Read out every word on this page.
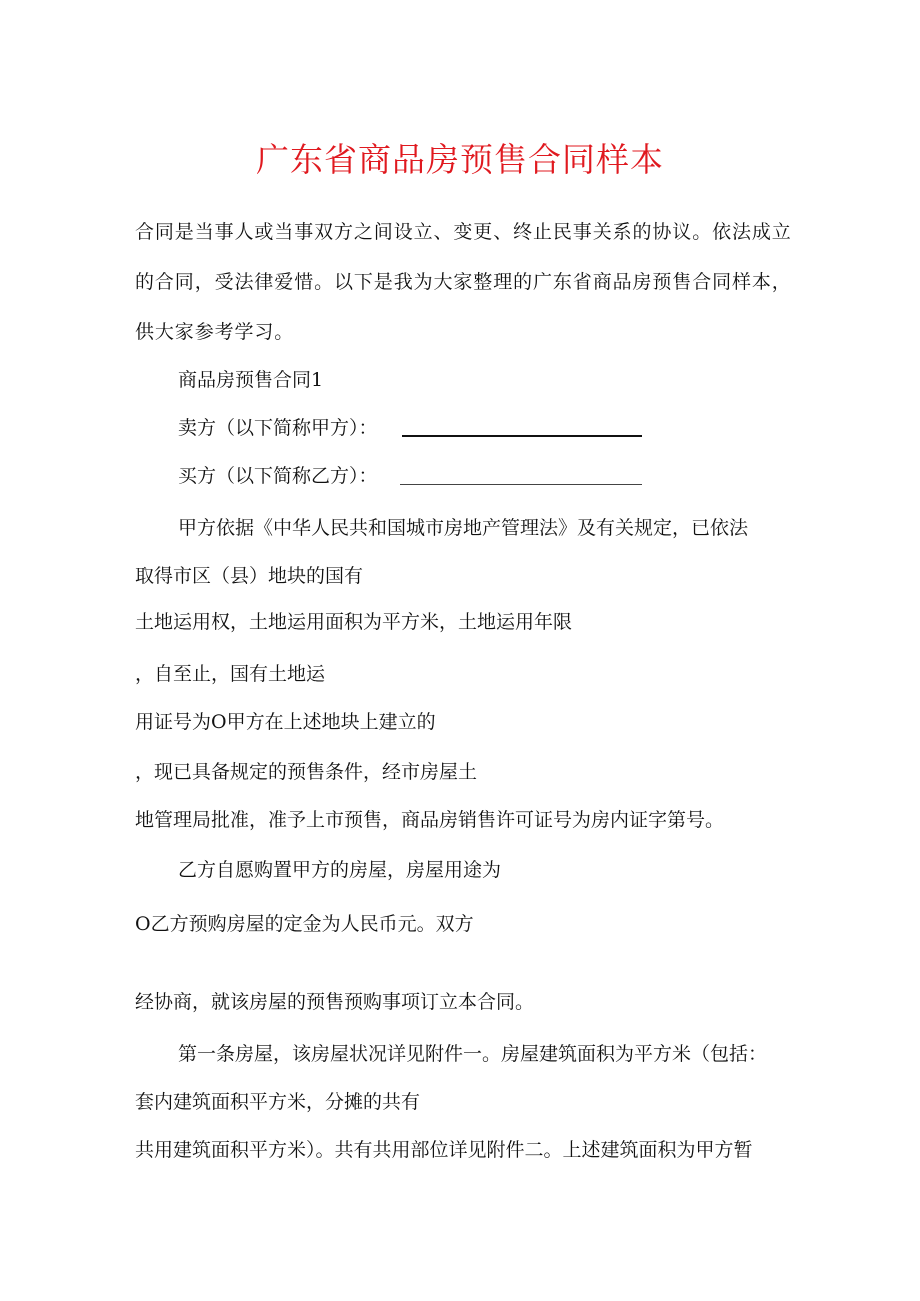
广东省商品房预售合同样本
合同是当事人或当事双方之间设立、变更、终止民事关系的协议。依法成立
的合同，受法律爱惜。以下是我为大家整理的广东省商品房预售合同样本，
供大家参考学习。
商品房预售合同1
卖方（以下简称甲方）：
买方（以下简称乙方）：
甲方依据《中华人民共和国城市房地产管理法》及有关规定，已依法
取得市区（县）地块的国有
土地运用权，土地运用面积为平方米，土地运用年限
，自至止，国有土地运
用证号为O甲方在上述地块上建立的
，现已具备规定的预售条件，经市房屋土
地管理局批准，准予上市预售，商品房销售许可证号为房内证字第号。
乙方自愿购置甲方的房屋，房屋用途为
O乙方预购房屋的定金为人民币元。双方
经协商，就该房屋的预售预购事项订立本合同。
第一条房屋，该房屋状况详见附件一。房屋建筑面积为平方米（包括：
套内建筑面积平方米，分摊的共有
共用建筑面积平方米）。共有共用部位详见附件二。上述建筑面积为甲方暂
